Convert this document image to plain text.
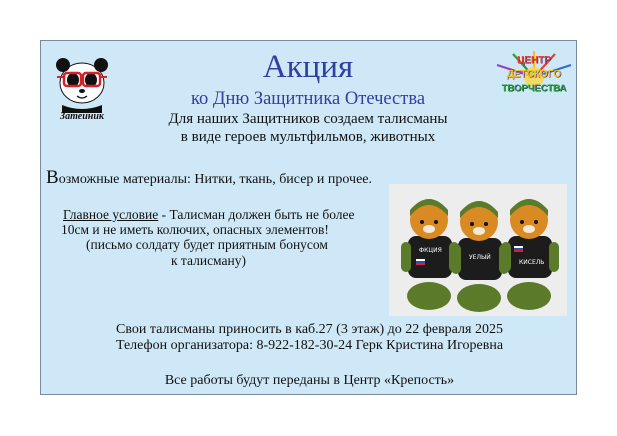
Затейник
ЦЕНТР
ДЕТСКОГО
ТВОРЧЕСТВА
Акция
ко Дню Защитника Отечества
Для наших Защитников создаем талисманы
в виде героев мультфильмов, животных
Возможные материалы: Нитки, ткань, бисер и прочее.
Главное условие - Талисман должен быть не более
10см и не иметь колючих, опасных элементов!
(письмо солдату будет приятным бонусом
к талисману)
ФКЦИЯ
УЕЛЫЙ
КИСЕЛЬ
Свои талисманы приносить в каб.27 (3 этаж) до 22 февраля 2025
Телефон организатора: 8-922-182-30-24 Герк Кристина Игоревна
Все работы будут переданы в Центр «Крепость»
